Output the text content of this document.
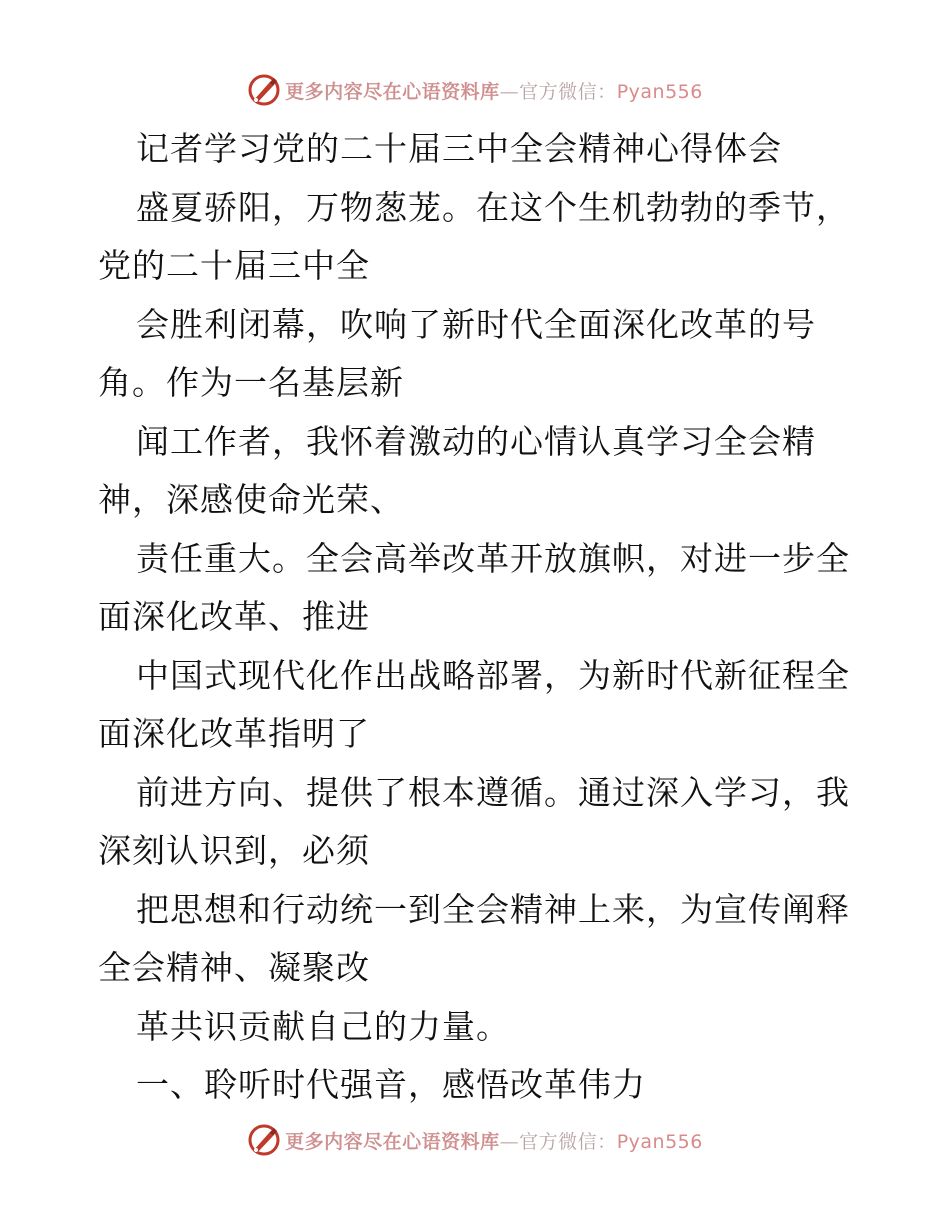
更多内容尽在心语资料库—官方微信：Pyan556
记者学习党的二十届三中全会精神心得体会
盛夏骄阳，万物葱茏。在这个生机勃勃的季节，
党的二十届三中全
会胜利闭幕，吹响了新时代全面深化改革的号
角。作为一名基层新
闻工作者，我怀着激动的心情认真学习全会精
神，深感使命光荣、
责任重大。全会高举改革开放旗帜，对进一步全
面深化改革、推进
中国式现代化作出战略部署，为新时代新征程全
面深化改革指明了
前进方向、提供了根本遵循。通过深入学习，我
深刻认识到，必须
把思想和行动统一到全会精神上来，为宣传阐释
全会精神、凝聚改
革共识贡献自己的力量。
一、聆听时代强音，感悟改革伟力
更多内容尽在心语资料库—官方微信：Pyan556
